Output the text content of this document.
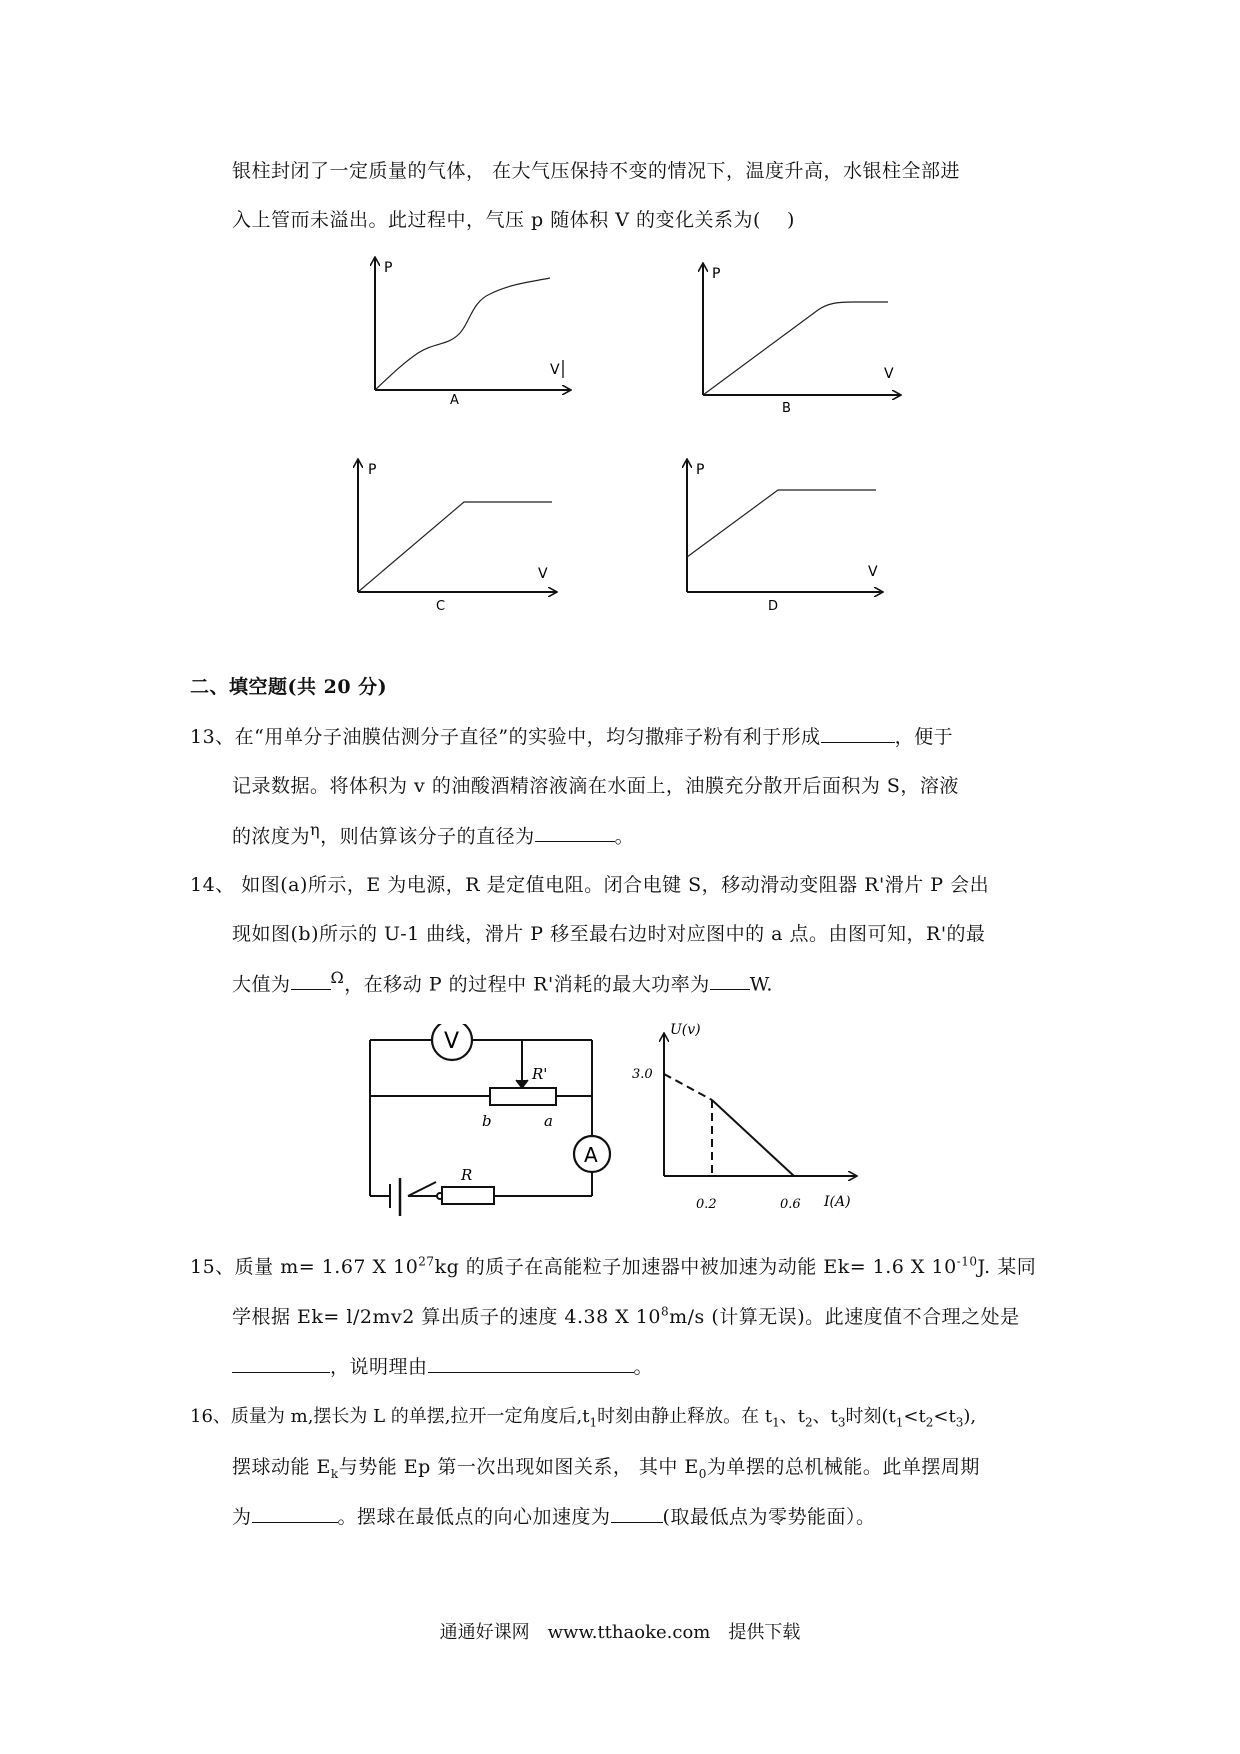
银柱封闭了一定质量的气体， 在大气压保持不变的情况下，温度升高，水银柱全部进
入上管而未溢出。此过程中，气压 p 随体积 V 的变化关系为(　 )
P
V
A
P
V
B
P
V
C
P
V
D
二、填空题(共 20 分)
13、在“用单分子油膜估测分子直径”的实验中，均匀撒痱子粉有利于形成	，便于
记录数据。将体积为 v 的油酸酒精溶液滴在水面上，油膜充分散开后面积为 S，溶液
的浓度为$^\eta$，则估算该分子的直径为	。
14、 如图(a)所示，E 为电源，R 是定值电阻。闭合电键 S，移动滑动变阻器 R'滑片 P 会出
现如图(b)所示的 U-1 曲线，滑片 P 移至最右边时对应图中的 a 点。由图可知，R'的最
大值为	$^\Omega$，在移动 P 的过程中 R'消耗的最大功率为 W.
V
R'
b	a
A
R
U(v)
I(A)
3.0
0.2	0.6
15、质量 m= 1.67 X $10^{27}kg$ 的质子在高能粒子加速器中被加速为动能 Ek= 1.6 X $10^{-10}J$. 某同
学根据 Ek= l/2mv2 算出质子的速度 4.38 X $10^8m/s$ (计算无误)。此速度值不合理之处是
，说明理由	。
16、质量为 m,摆长为 L 的单摆,拉开一定角度后$,t_1$时刻由静止释放。在 $t_1$、$t_2$、$t_3$时刻$(t_1<t_2<t_3)$,
摆球动能 $E_k$与势能 Ep 第一次出现如图关系， 其中 $E_0$为单摆的总机械能。此单摆周期
为	。摆球在最低点的向心加速度为	(取最低点为零势能面）。
通通好课网　www.tthaoke.com　提供下载
